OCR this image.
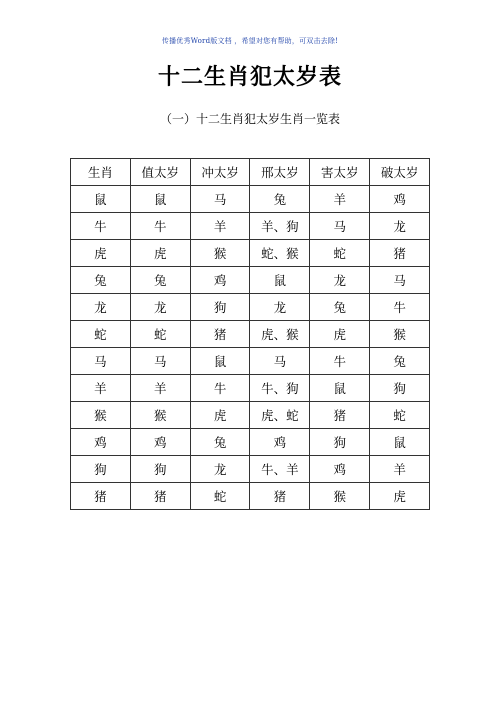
传播优秀Word版文档 ，希望对您有帮助，可双击去除!
十二生肖犯太岁表
（一）十二生肖犯太岁生肖一览表
生肖	值太岁	冲太岁	邢太岁	害太岁	破太岁
鼠	鼠	马	兔	羊	鸡
牛	牛	羊	羊、狗	马	龙
虎	虎	猴	蛇、猴	蛇	猪
兔	兔	鸡	鼠	龙	马
龙	龙	狗	龙	兔	牛
蛇	蛇	猪	虎、猴	虎	猴
马	马	鼠	马	牛	兔
羊	羊	牛	牛、狗	鼠	狗
猴	猴	虎	虎、蛇	猪	蛇
鸡	鸡	兔	鸡	狗	鼠
狗	狗	龙	牛、羊	鸡	羊
猪	猪	蛇	猪	猴	虎
